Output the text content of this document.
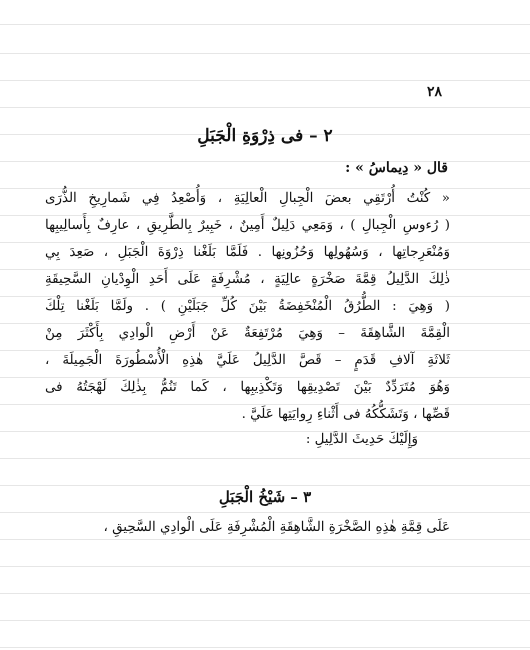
٢٨
٢ – فى ذِرْوَةِ الْجَبَلِ
قال « دِيماسُ » :
« كُنْتُ أُرْتَقِي بعضَ الْجِبالِ الْعالِيَةِ ، وَأُصْعِدُ فِي شَمارِيخِ الذُّرَى
( رُءوسِ الْجِبالِ ) ، وَمَعِي دَلِيلٌ أَمِينٌ ، خَبِيرٌ بِالطَّرِيقِ ، عارِفٌ بِأَسالِيبِها
وَمُنْعَرِجاتِها ، وَسُهُولِها وَحُزُونِها . فَلَمَّا بَلَغْنا ذِرْوَةَ الْجَبَلِ ، صَعِدَ بِي
ذٰلِكَ الدَّلِيلُ قِمَّةَ صَخْرَةٍ عالِيَةٍ ، مُشْرِفَةٍ عَلَى أَحَدِ الْوِدْيانِ السَّحِيقَةِ
( وَهِيَ : الطُّرُقُ الْمُنْخَفِضَةُ بَيْنَ كُلِّ جَبَلَيْنِ ) . ولَمَّا بَلَغْنا تِلْكَ
الْقِمَّةَ الشَّاهِقَةَ – وَهِيَ مُرْتَفِعَةٌ عَنْ أَرْضِ الْوادِي بِأَكْثَرَ مِنْ
ثَلاثَةِ آلافِ قَدَمٍ – قَصَّ الدَّلِيلُ عَلَيَّ هٰذِهِ الْأُسْطُورَةَ الْجَمِيلَةَ ،
وَهُوَ مُتَرَدِّدٌ بَيْنَ تَصْدِيقِها وَتَكْذِيبِها ، كَما تَنُمُّ بِذٰلِكَ لَهْجَتُهُ فى
قَصِّها ، وَتَشَكُّكُهُ فى أَثْناءِ رِوايَتِها عَلَيَّ .
وَإِلَيْكَ حَدِيثَ الدَّلِيلِ :
٣ – شَيْخُ الْجَبَلِ
عَلَى قِمَّةِ هٰذِهِ الصَّخْرَةِ الشَّاهِقَةِ الْمُشْرِفَةِ عَلَى الْوادِي السَّحِيقِ ،
